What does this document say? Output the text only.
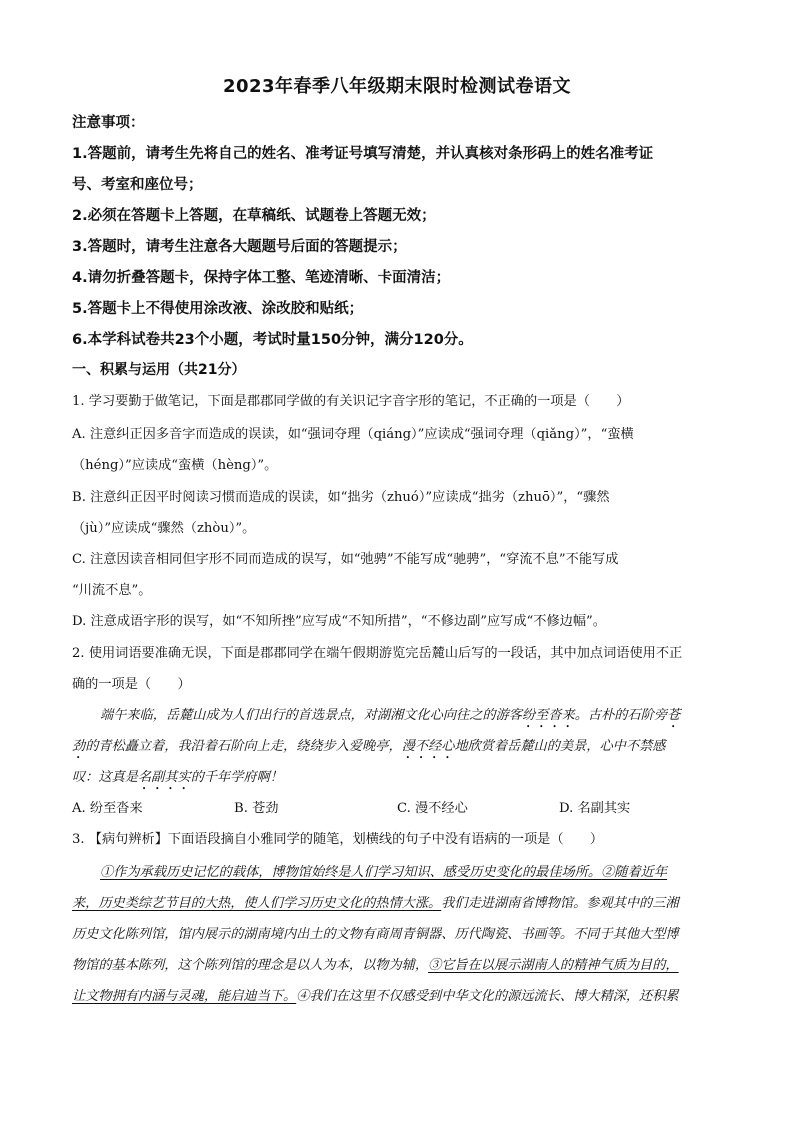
2023年春季八年级期末限时检测试卷语文
注意事项：
1.答题前，请考生先将自己的姓名、准考证号填写清楚，并认真核对条形码上的姓名准考证
号、考室和座位号；
2.必须在答题卡上答题，在草稿纸、试题卷上答题无效；
3.答题时，请考生注意各大题题号后面的答题提示；
4.请勿折叠答题卡，保持字体工整、笔迹清晰、卡面清洁；
5.答题卡上不得使用涂改液、涂改胶和贴纸；
6.本学科试卷共23个小题，考试时量150分钟，满分120分。
一、积累与运用（共21分）
1. 学习要勤于做笔记，下面是郡郡同学做的有关识记字音字形的笔记，不正确的一项是（　　）
A. 注意纠正因多音字而造成的误读，如“强词夺理（qiáng）”应读成“强词夺理（qiǎng）”，“蛮横
（héng）”应读成“蛮横（hèng）”。
B. 注意纠正因平时阅读习惯而造成的误读，如“拙劣（zhuó）”应读成“拙劣（zhuō）”，“骤然
（jù）”应读成“骤然（zhòu）”。
C. 注意因读音相同但字形不同而造成的误写，如“弛骋”不能写成“驰骋”，“穿流不息”不能写成
“川流不息”。
D. 注意成语字形的误写，如“不知所挫”应写成“不知所措”，“不修边副”应写成“不修边幅”。
2. 使用词语要准确无误，下面是郡郡同学在端午假期游览完岳麓山后写的一段话，其中加点词语使用不正
确的一项是（　　）
端午来临，岳麓山成为人们出行的首选景点，对湖湘文化心向往之的游客纷至沓来。古朴的石阶旁苍
劲的青松矗立着，我沿着石阶向上走，绕绕步入爱晚亭，漫不经心地欣赏着岳麓山的美景，心中不禁感
叹：这真是名副其实的千年学府啊！
A. 纷至沓来	B. 苍劲	C. 漫不经心	D. 名副其实
3. 【病句辨析】下面语段摘自小雅同学的随笔，划横线的句子中没有语病的一项是（　　）
①作为承载历史记忆的载体，博物馆始终是人们学习知识、感受历史变化的最佳场所。②随着近年
来，历史类综艺节目的大热，使人们学习历史文化的热情大涨。我们走进湖南省博物馆。参观其中的三湘
历史文化陈列馆，馆内展示的湖南境内出土的文物有商周青铜器、历代陶瓷、书画等。不同于其他大型博
物馆的基本陈列，这个陈列馆的理念是以人为本，以物为辅，③它旨在以展示湖南人的精神气质为目的，
让文物拥有内涵与灵魂，能启迪当下。④我们在这里不仅感受到中华文化的源远流长、博大精深，还积累
